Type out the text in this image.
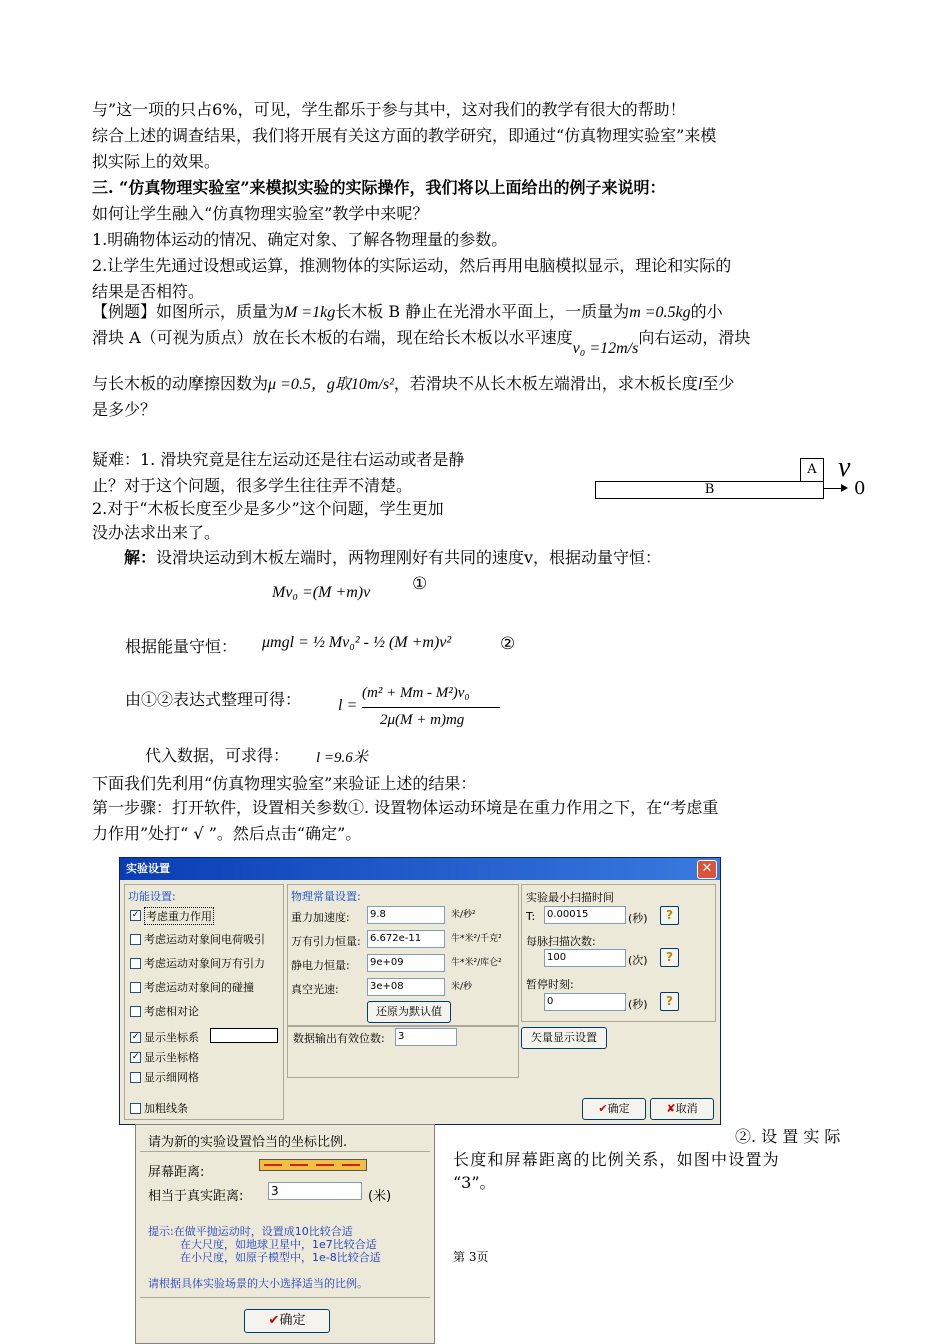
与”这一项的只占6%，可见，学生都乐于参与其中，这对我们的教学有很大的帮助！
综合上述的调查结果，我们将开展有关这方面的教学研究，即通过“仿真物理实验室”来模
拟实际上的效果。
三. “仿真物理实验室”来模拟实验的实际操作，我们将以上面给出的例子来说明：
如何让学生融入“仿真物理实验室”教学中来呢？
1.明确物体运动的情况、确定对象、了解各物理量的参数。
2.让学生先通过设想或运算，推测物体的实际运动，然后再用电脑模拟显示，理论和实际的
结果是否相符。
【例题】如图所示，质量为M =1kg长木板 B 静止在光滑水平面上，一质量为m =0.5kg的小
滑块 A（可视为质点）放在长木板的右端，现在给长木板以水平速度v₀ =12m/s向右运动，滑块
与长木板的动摩擦因数为μ =0.5，g取10m/s²，若滑块不从长木板左端滑出，求木板长度l至少
是多少？
疑难：1. 滑块究竟是往左运动还是往右运动或者是静
止？对于这个问题，很多学生往往弄不清楚。
2.对于“木板长度至少是多少”这个问题，学生更加
没办法求出来了。
A
B
v
0
解：设滑块运动到木板左端时，两物理刚好有共同的速度v，根据动量守恒：
Mv₀ =(M +m)v ①
根据能量守恒： μmgl = ½ Mv₀² - ½ (M +m)v²	②
由①②表达式整理可得： l =
(m² + Mm - M²)v₀
2μ(M + m)mg
代入数据，可求得： l =9.6米
下面我们先利用“仿真物理实验室”来验证上述的结果：
第一步骤：打开软件，设置相关参数①. 设置物体运动环境是在重力作用之下，在“考虑重
力作用”处打“ √ ”。然后点击“确定”。
实验设置	✕
功能设置:
✓ 考虑重力作用
考虑运动对象间电荷吸引
考虑运动对象间万有引力
考虑运动对象间的碰撞
考虑相对论
✓ 显示坐标系
✓ 显示坐标格
显示细网格
加粗线条
物理常量设置:
重力加速度:	9.8	米/秒²
万有引力恒量: 6.672e-11	牛*米²/千克²
静电力恒量:	9e+09	牛*米²/库仑²
真空光速:	3e+08	米/秒
还原为默认值
数据输出有效位数:	3
实验最小扫描时间
T:	0.00015	(秒)	?
每脉扫描次数:
100	(次)	?
暂停时刻:
0	(秒)	?
矢量显示设置
✔确定	✘取消
②. 设 置 实 际
长度和屏幕距离的比例关系，如图中设置为
“3”。
第 3页
请为新的实验设置恰当的坐标比例.
屏幕距离:
相当于真实距离: 3	(米)
提示:在做平抛运动时，设置成10比较合适
在大尺度，如地球卫星中，1e7比较合适
在小尺度，如原子模型中，1e-8比较合适
请根据具体实验场景的大小选择适当的比例。
✔确定
